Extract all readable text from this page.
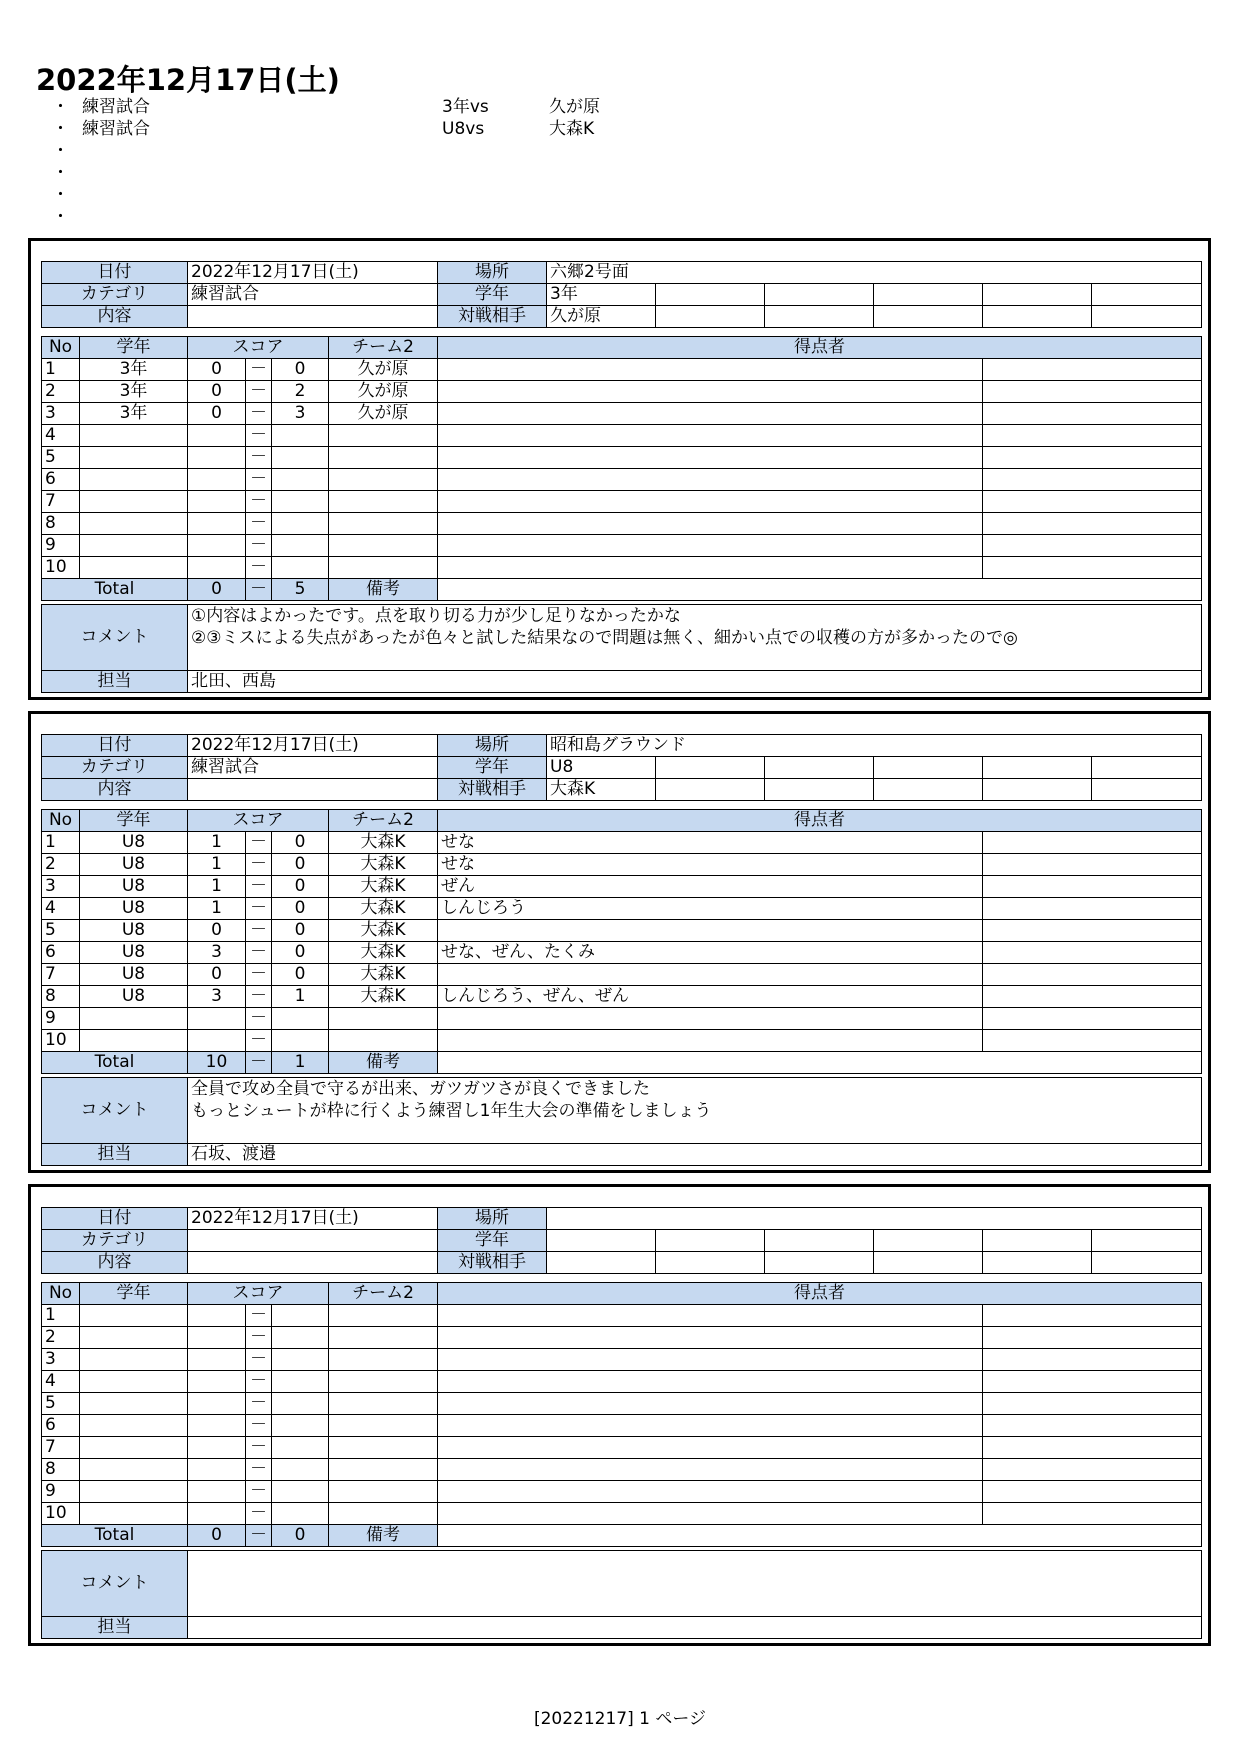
2022年12月17日(土)
・ 練習試合	3年vs	久が原
・ 練習試合	U8vs	大森K
・
・
・
・
日付	2022年12月17日(土)	場所	六郷2号面					
カテゴリ	練習試合	学年	3年					
内容		対戦相手	久が原					
No	学年	スコア			チーム2	得点者	
1	3年	0	－	0	久が原		
2	3年	0	－	2	久が原		
3	3年	0	－	3	久が原		
4			－				
5			－				
6			－				
7			－				
8			－				
9			－				
10			－				
Total		0	－	5	備考		
コメント	①内容はよかったです。点を取り切る力が少し足りなかったかな
②③ミスによる失点があったが色々と試した結果なので問題は無く、細かい点での収穫の方が多かったので◎

担当	北田、西島
日付	2022年12月17日(土)	場所	昭和島グラウンド					
カテゴリ	練習試合	学年	U8					
内容		対戦相手	大森K					
No	学年	スコア			チーム2	得点者	
1	U8	1	－	0	大森K	せな	
2	U8	1	－	0	大森K	せな	
3	U8	1	－	0	大森K	ぜん	
4	U8	1	－	0	大森K	しんじろう	
5	U8	0	－	0	大森K		
6	U8	3	－	0	大森K	せな、ぜん、たくみ	
7	U8	0	－	0	大森K		
8	U8	3	－	1	大森K	しんじろう、ぜん、ぜん	
9			－				
10			－				
Total		10	－	1	備考		
コメント	全員で攻め全員で守るが出来、ガツガツさが良くできました
もっとシュートが枠に行くよう練習し1年生大会の準備をしましょう

担当	石坂、渡邉
日付	2022年12月17日(土)	場所						
カテゴリ		学年						
内容		対戦相手						
No	学年	スコア			チーム2	得点者	
1			－				
2			－				
3			－				
4			－				
5			－				
6			－				
7			－				
8			－				
9			－				
10			－				
Total		0	－	0	備考		
コメント	
担当	
[20221217] 1 ページ
